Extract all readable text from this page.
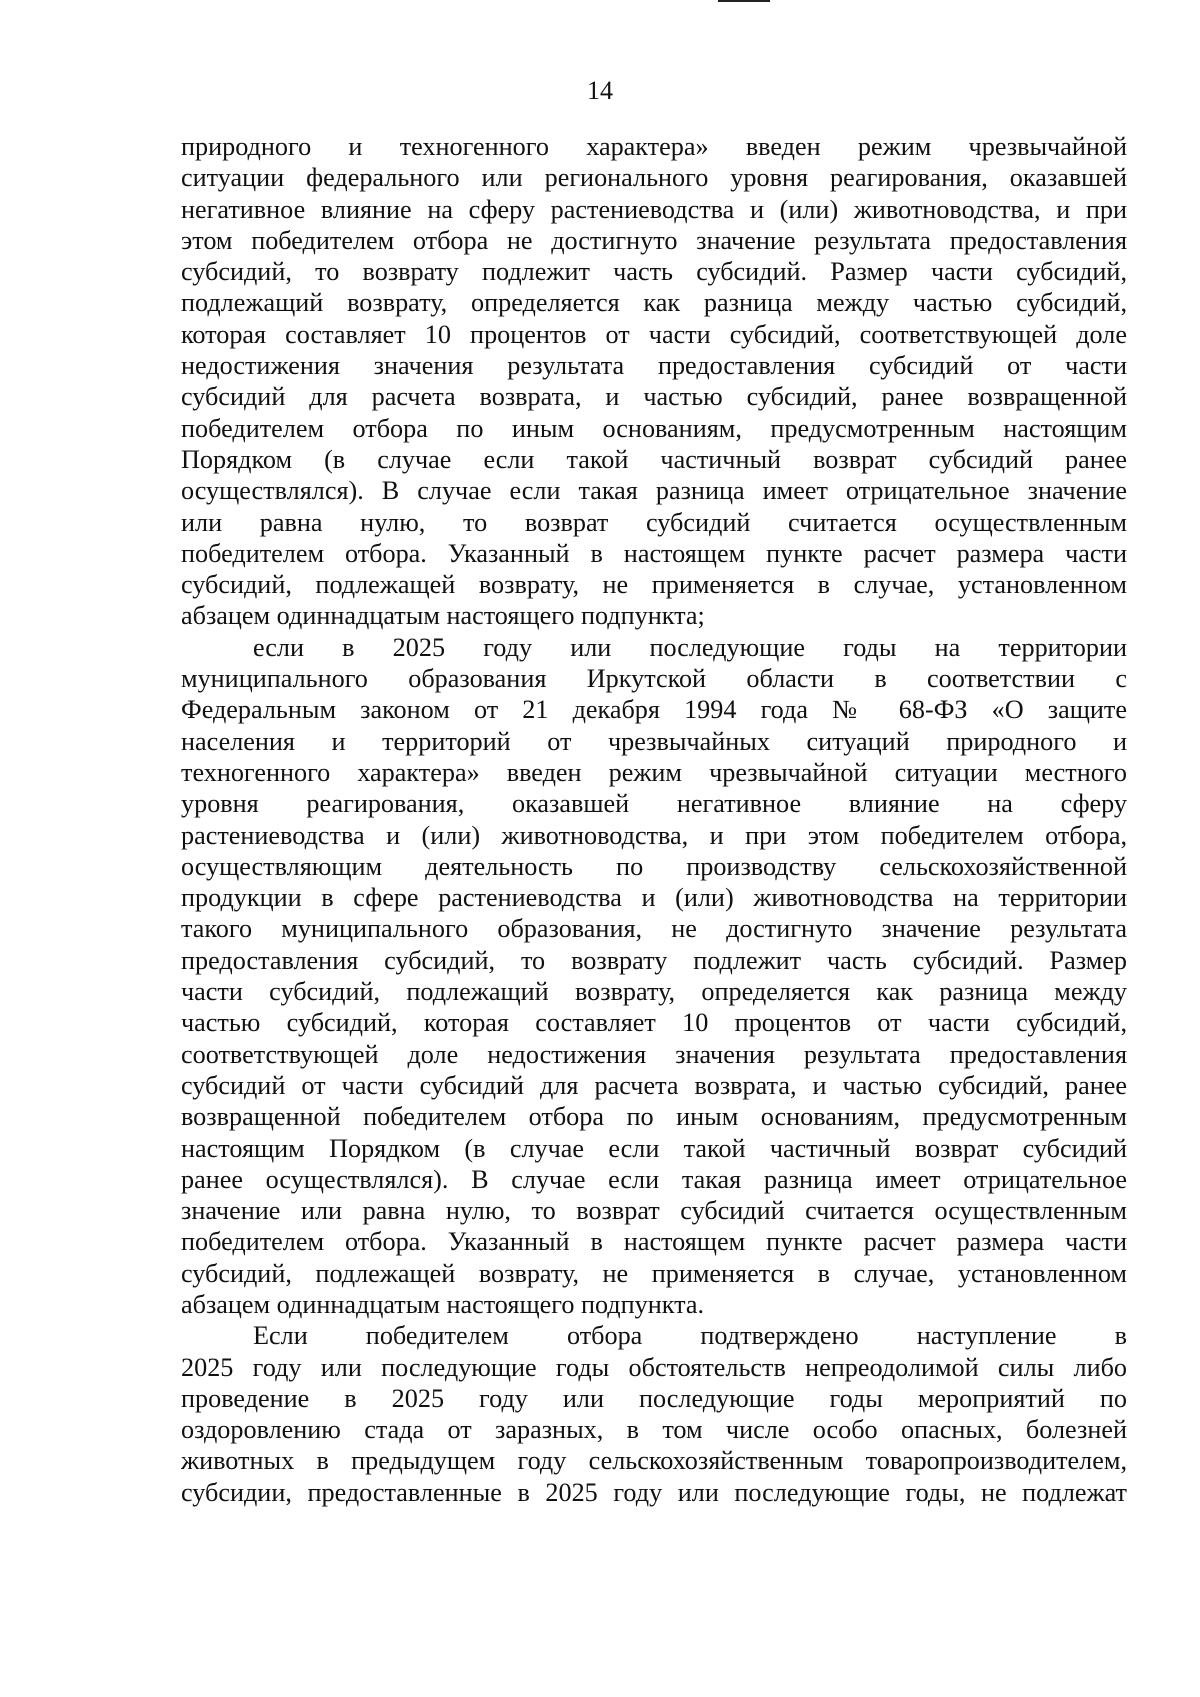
14
природного и техногенного характера» введен режим чрезвычайной
ситуации федерального или регионального уровня реагирования, оказавшей
негативное влияние на сферу растениеводства и (или) животноводства, и при
этом победителем отбора не достигнуто значение результата предоставления
субсидий, то возврату подлежит часть субсидий. Размер части субсидий,
подлежащий возврату, определяется как разница между частью субсидий,
которая составляет 10 процентов от части субсидий, соответствующей доле
недостижения значения результата предоставления субсидий от части
субсидий для расчета возврата, и частью субсидий, ранее возвращенной
победителем отбора по иным основаниям, предусмотренным настоящим
Порядком (в случае если такой частичный возврат субсидий ранее
осуществлялся). В случае если такая разница имеет отрицательное значение
или равна нулю, то возврат субсидий считается осуществленным
победителем отбора. Указанный в настоящем пункте расчет размера части
субсидий, подлежащей возврату, не применяется в случае, установленном
абзацем одиннадцатым настоящего подпункта;
если в 2025 году или последующие годы на территории
муниципального образования Иркутской области в соответствии с
Федеральным законом от 21 декабря 1994 года № 68-ФЗ «О защите
населения и территорий от чрезвычайных ситуаций природного и
техногенного характера» введен режим чрезвычайной ситуации местного
уровня реагирования, оказавшей негативное влияние на сферу
растениеводства и (или) животноводства, и при этом победителем отбора,
осуществляющим деятельность по производству сельскохозяйственной
продукции в сфере растениеводства и (или) животноводства на территории
такого муниципального образования, не достигнуто значение результата
предоставления субсидий, то возврату подлежит часть субсидий. Размер
части субсидий, подлежащий возврату, определяется как разница между
частью субсидий, которая составляет 10 процентов от части субсидий,
соответствующей доле недостижения значения результата предоставления
субсидий от части субсидий для расчета возврата, и частью субсидий, ранее
возвращенной победителем отбора по иным основаниям, предусмотренным
настоящим Порядком (в случае если такой частичный возврат субсидий
ранее осуществлялся). В случае если такая разница имеет отрицательное
значение или равна нулю, то возврат субсидий считается осуществленным
победителем отбора. Указанный в настоящем пункте расчет размера части
субсидий, подлежащей возврату, не применяется в случае, установленном
абзацем одиннадцатым настоящего подпункта.
Если победителем отбора подтверждено наступление в
2025 году или последующие годы обстоятельств непреодолимой силы либо
проведение в 2025 году или последующие годы мероприятий по
оздоровлению стада от заразных, в том числе особо опасных, болезней
животных в предыдущем году сельскохозяйственным товаропроизводителем,
субсидии, предоставленные в 2025 году или последующие годы, не подлежат
